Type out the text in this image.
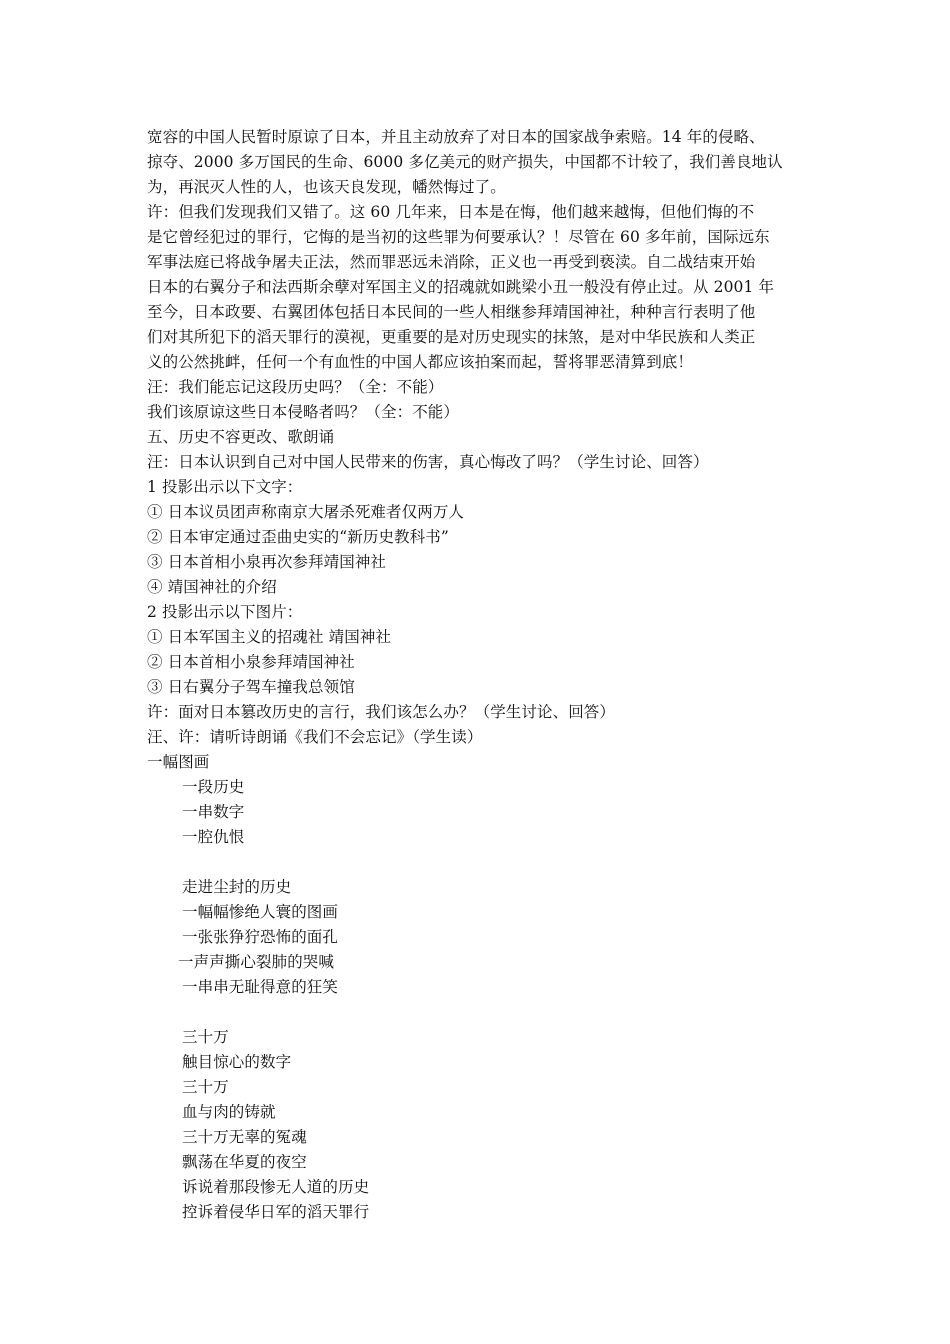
宽容的中国人民暂时原谅了日本，并且主动放弃了对日本的国家战争索赔。14 年的侵略、
掠夺、2000 多万国民的生命、6000 多亿美元的财产损失，中国都不计较了，我们善良地认
为，再泯灭人性的人，也该天良发现，幡然悔过了。
许：但我们发现我们又错了。这 60 几年来，日本是在悔，他们越来越悔，但他们悔的不
是它曾经犯过的罪行，它悔的是当初的这些罪为何要承认？！尽管在 60 多年前，国际远东
军事法庭已将战争屠夫正法，然而罪恶远未消除，正义也一再受到亵渎。自二战结束开始
日本的右翼分子和法西斯余孽对军国主义的招魂就如跳梁小丑一般没有停止过。从 2001 年
至今，日本政要、右翼团体包括日本民间的一些人相继参拜靖国神社，种种言行表明了他
们对其所犯下的滔天罪行的漠视，更重要的是对历史现实的抹煞，是对中华民族和人类正
义的公然挑衅，任何一个有血性的中国人都应该拍案而起，誓将罪恶清算到底！
汪：我们能忘记这段历史吗？（全：不能）
我们该原谅这些日本侵略者吗？（全：不能）
五、历史不容更改、歌朗诵
汪：日本认识到自己对中国人民带来的伤害，真心悔改了吗？（学生讨论、回答）
1 投影出示以下文字：
① 日本议员团声称南京大屠杀死难者仅两万人
② 日本审定通过歪曲史实的“新历史教科书”
③ 日本首相小泉再次参拜靖国神社
④ 靖国神社的介绍
2 投影出示以下图片：
① 日本军国主义的招魂社 靖国神社
② 日本首相小泉参拜靖国神社
③ 日右翼分子驾车撞我总领馆
许：面对日本篡改历史的言行，我们该怎么办？（学生讨论、回答）
汪、许：请听诗朗诵《我们不会忘记》（学生读）
一幅图画
一段历史
一串数字
一腔仇恨
走进尘封的历史
一幅幅惨绝人寰的图画
一张张狰狞恐怖的面孔
一声声撕心裂肺的哭喊
一串串无耻得意的狂笑
三十万
触目惊心的数字
三十万
血与肉的铸就
三十万无辜的冤魂
飘荡在华夏的夜空
诉说着那段惨无人道的历史
控诉着侵华日军的滔天罪行
